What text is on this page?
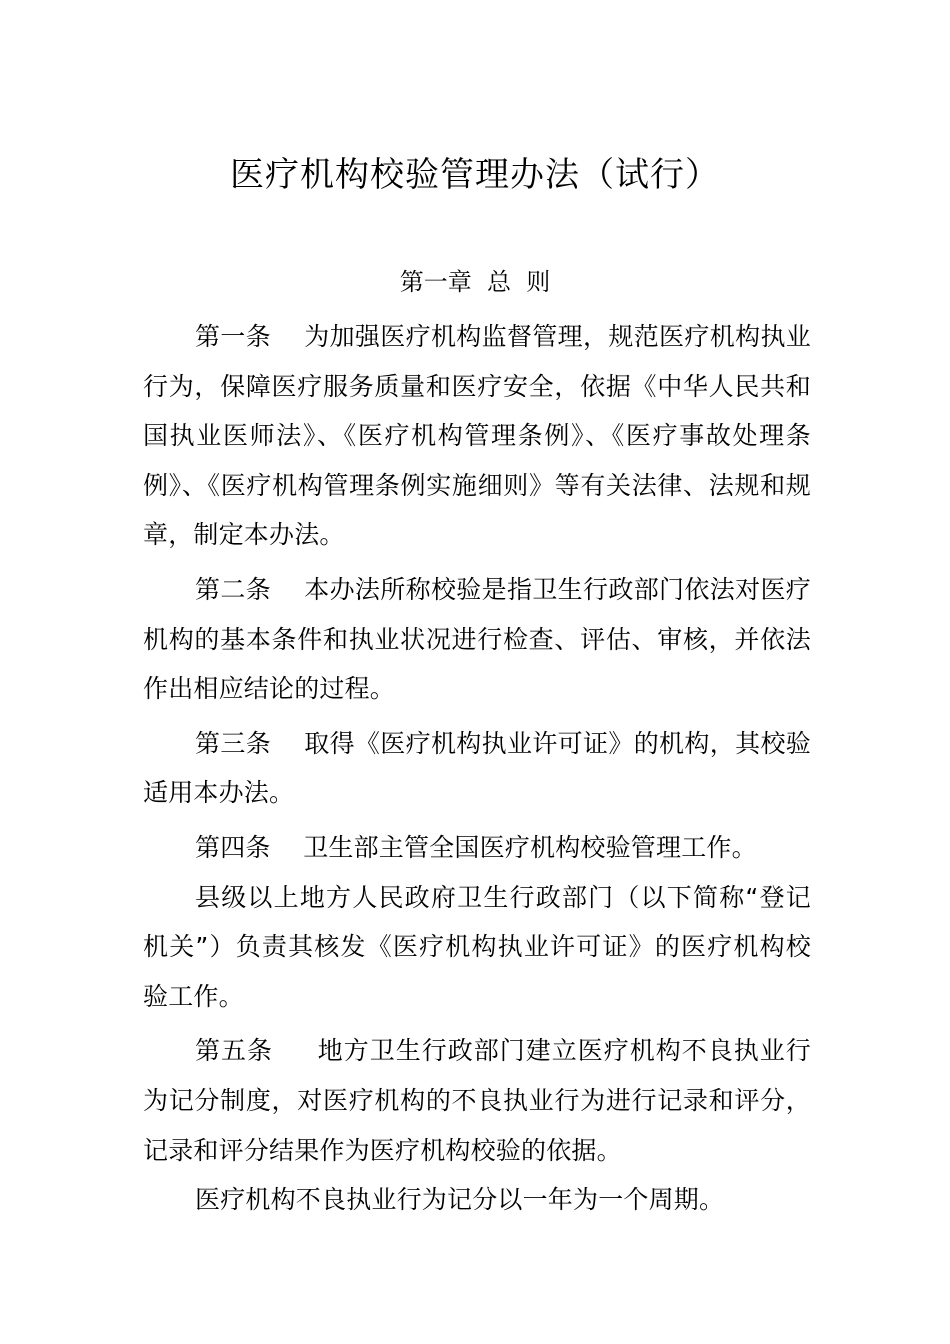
医疗机构校验管理办法（试行）
第一章 总  则

第一条 为加强医疗机构监督管理，规范医疗机构执业行为，保障医疗服务质量和医疗安全，依据《中华人民共和国执业医师法》、《医疗机构管理条例》、《医疗事故处理条例》、《医疗机构管理条例实施细则》等有关法律、法规和规章，制定本办法。

第二条 本办法所称校验是指卫生行政部门依法对医疗机构的基本条件和执业状况进行检查、评估、审核，并依法作出相应结论的过程。

第三条 取得《医疗机构执业许可证》的机构，其校验适用本办法。

第四条 卫生部主管全国医疗机构校验管理工作。

县级以上地方人民政府卫生行政部门（以下简称“登记机关”）负责其核发《医疗机构执业许可证》的医疗机构校验工作。

第五条 地方卫生行政部门建立医疗机构不良执业行为记分制度，对医疗机构的不良执业行为进行记录和评分，记录和评分结果作为医疗机构校验的依据。

医疗机构不良执业行为记分以一年为一个周期。
